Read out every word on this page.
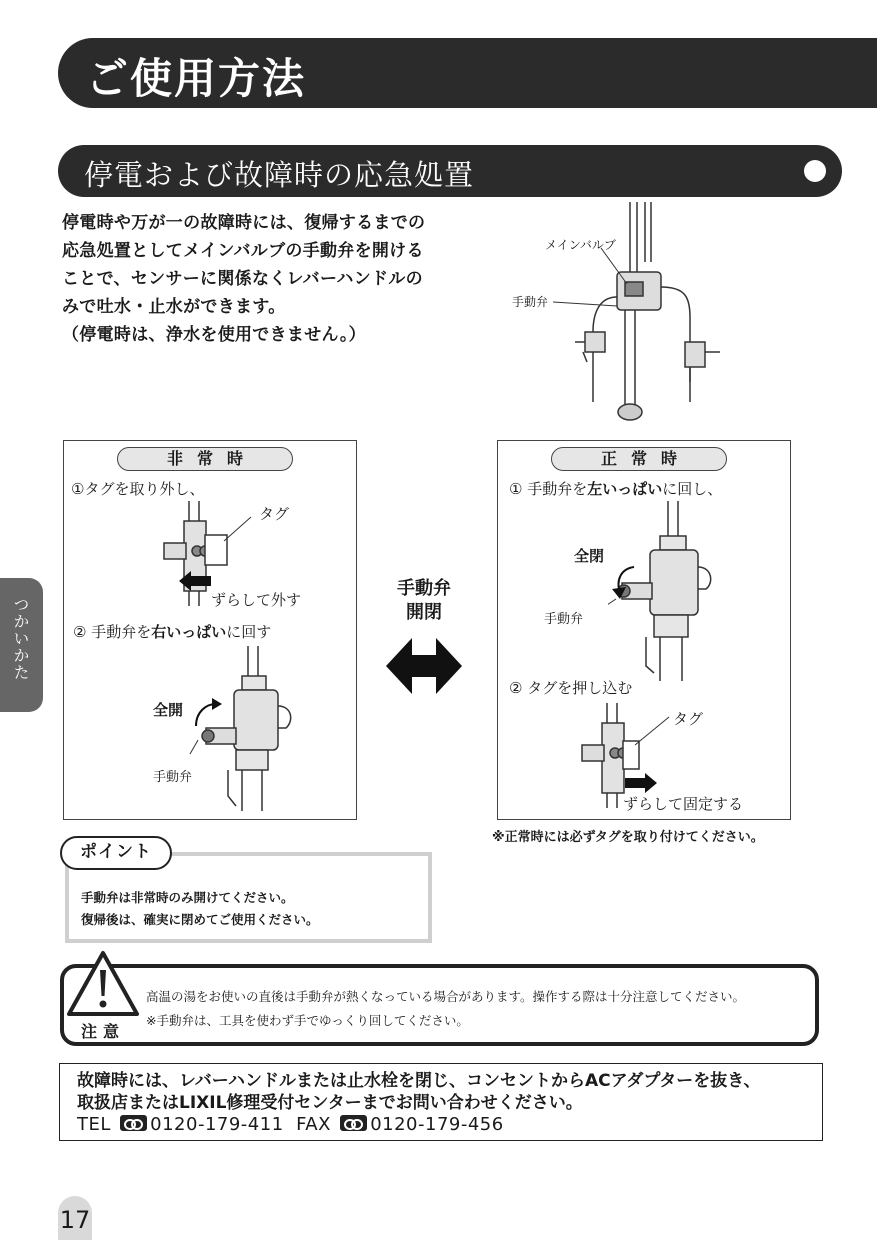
ご使用方法
停電および故障時の応急処置

停電時や万が一の故障時には、復帰するまでの

応急処置としてメインバルブの手動弁を開ける

ことで、センサーに関係なくレバーハンドルの

みで吐水・止水ができます。

（停電時は、浄水を使用できません。）

メインバルブ
手動弁
非常時
①タグを取り外し、
タグ
ずらして外す
② 手動弁を右いっぱいに回す
全開
手動弁
手動弁
開閉
正常時
① 手動弁を左いっぱいに回し、
全閉
手動弁
② タグを押し込む
タグ
ずらして固定する
※正常時には必ずタグを取り付けてください。
ポイント
手動弁は非常時のみ開けてください。
復帰後は、確実に閉めてご使用ください。
注意
高温の湯をお使いの直後は手動弁が熱くなっている場合があります。操作する際は十分注意してください。
※手動弁は、工具を使わず手でゆっくり回してください。

故障時には、レバーハンドルまたは止水栓を閉じ、コンセントからACアダプターを抜き、

取扱店またはLIXIL修理受付センターまでお問い合わせください。

TEL 0120-179-411 FAX 0120-179-456

つかいかた
17
